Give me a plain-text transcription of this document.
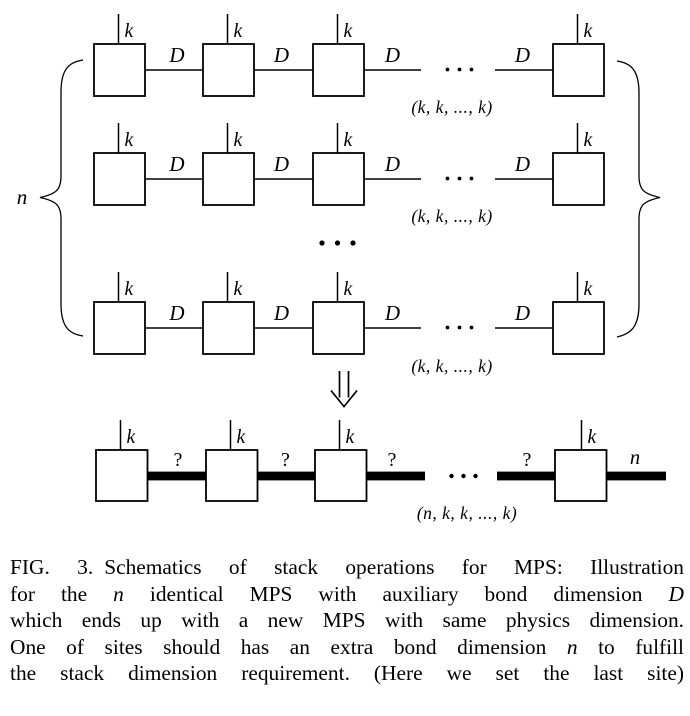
n
k	k	k	k
D	D	D	D
(k, k, ..., k)
k	k	k	k
D	D	D	D
(k, k, ..., k)
k	k	k	k
D	D	D	D
(k, k, ..., k)
k	k	k	k
?	?	?	?	n
(n, k, k, ..., k)
FIG. 3. Schematics of stack operations for MPS: Illustration
for the n identical MPS with auxiliary bond dimension D
which ends up with a new MPS with same physics dimension.
One of sites should has an extra bond dimension n to fulfill
the stack dimension requirement. (Here we set the last site)
